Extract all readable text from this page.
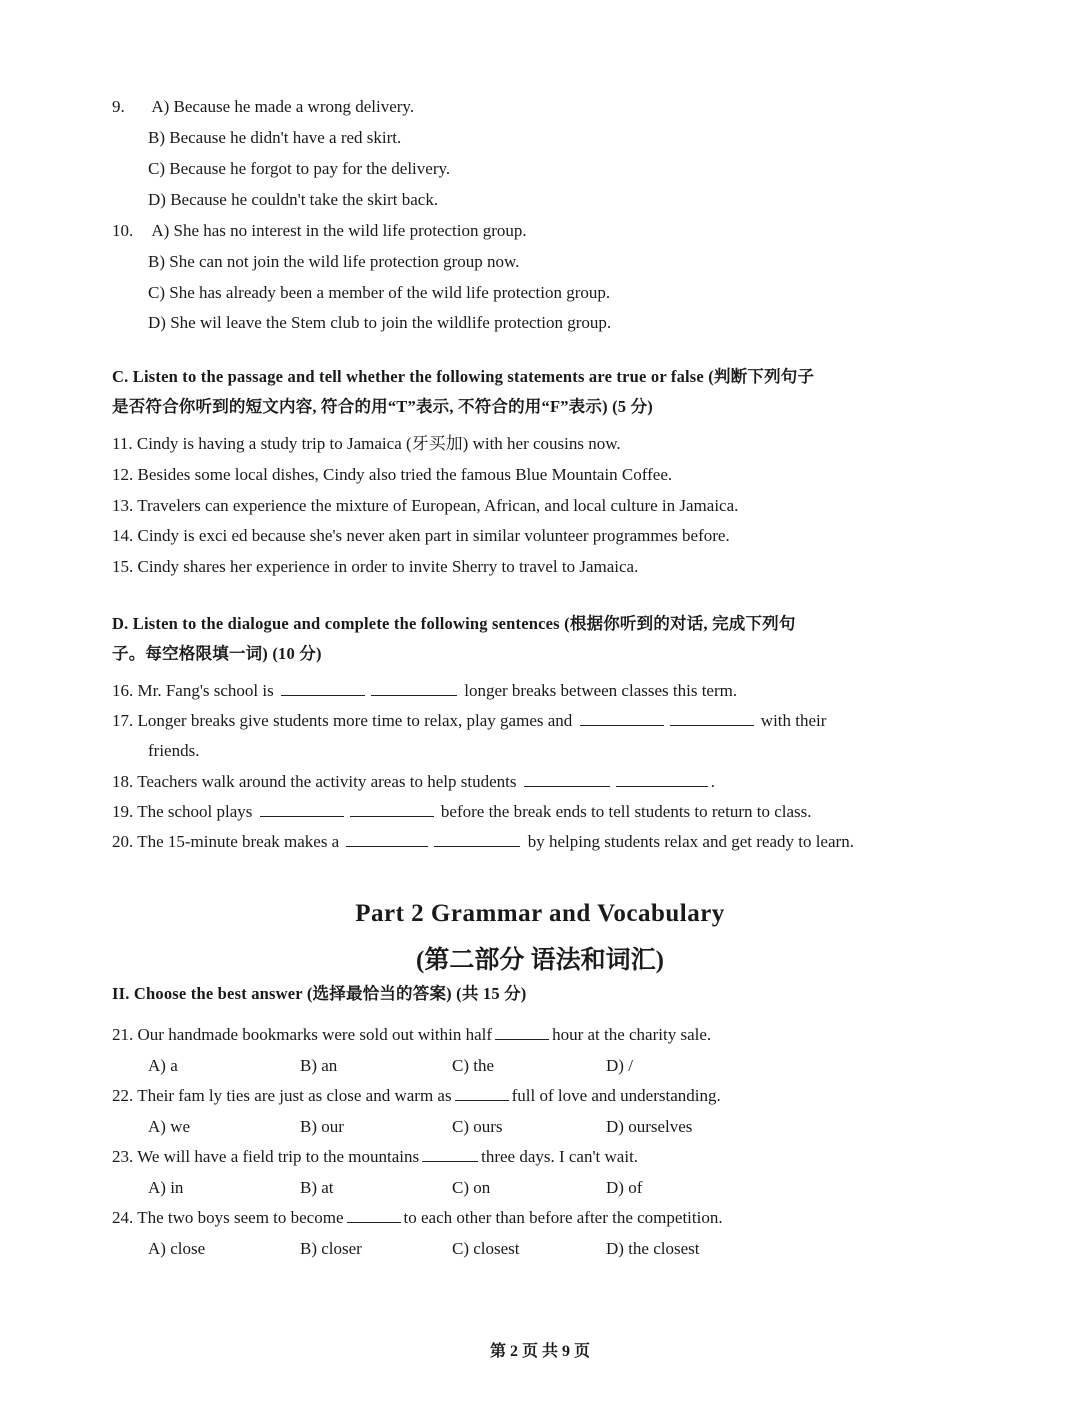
9. A) Because he made a wrong delivery.
B) Because he didn't have a red skirt.
C) Because he forgot to pay for the delivery.
D) Because he couldn't take the skirt back.
10. A) She has no interest in the wild life protection group.
B) She can not join the wild life protection group now.
C) She has already been a member of the wild life protection group.
D) She wil leave the Stem club to join the wildlife protection group.
C. Listen to the passage and tell whether the following statements are true or false (判断下列句子
是否符合你听到的短文内容, 符合的用“T”表示, 不符合的用“F”表示) (5 分)
11. Cindy is having a study trip to Jamaica (牙买加) with her cousins now.
12. Besides some local dishes, Cindy also tried the famous Blue Mountain Coffee.
13. Travelers can experience the mixture of European, African, and local culture in Jamaica.
14. Cindy is exci ed because she's never aken part in similar volunteer programmes before.
15. Cindy shares her experience in order to invite Sherry to travel to Jamaica.
D. Listen to the dialogue and complete the following sentences (根据你听到的对话, 完成下列句
子。每空格限填一词) (10 分)
16. Mr. Fang's school is	longer breaks between classes this term.
17. Longer breaks give students more time to relax, play games and	with their
friends.
18. Teachers walk around the activity areas to help students	.
19. The school plays	before the break ends to tell students to return to class.
20. The 15-minute break makes a	by helping students relax and get ready to learn.
Part 2 Grammar and Vocabulary
(第二部分 语法和词汇)
II. Choose the best answer (选择最恰当的答案) (共 15 分)
21. Our handmade bookmarks were sold out within half	hour at the charity sale.
A) a	B) an	C) the	D) /
22. Their fam ly ties are just as close and warm as	full of love and understanding.
A) we	B) our	C) ours	D) ourselves
23. We will have a field trip to the mountains	three days. I can't wait.
A) in	B) at	C) on	D) of
24. The two boys seem to become	to each other than before after the competition.
A) close	B) closer	C) closest	D) the closest
第 2 页 共 9 页
